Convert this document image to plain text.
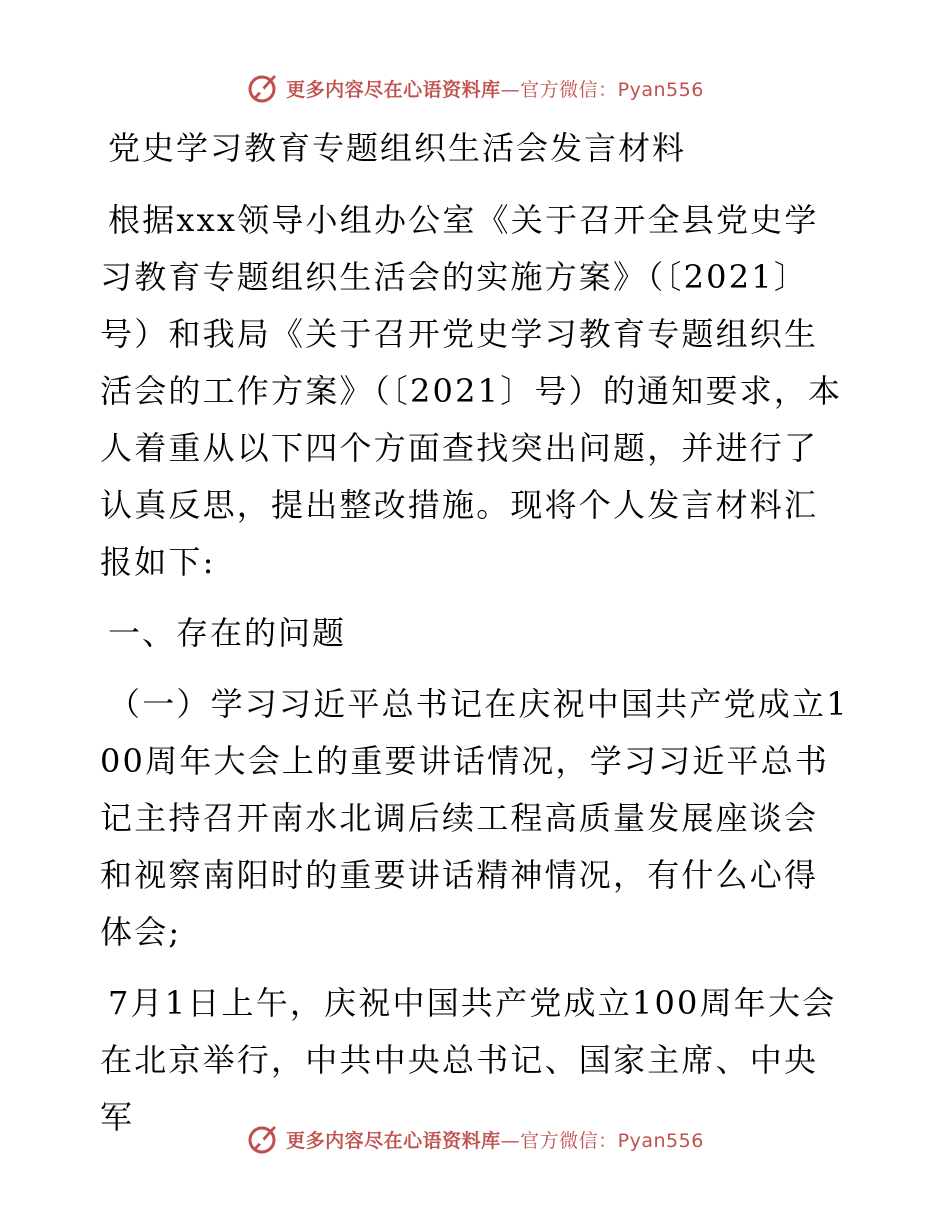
更多内容尽在心语资料库—官方微信：Pyan556
党史学习教育专题组织生活会发言材料
根据xxx领导小组办公室《关于召开全县党史学习教育专题组织生活会的实施方案》（〔2021〕号）和我局《关于召开党史学习教育专题组织生活会的工作方案》（〔2021〕号）的通知要求，本人着重从以下四个方面查找突出问题，并进行了认真反思，提出整改措施。现将个人发言材料汇报如下:
一、存在的问题
（一）学习习近平总书记在庆祝中国共产党成立100周年大会上的重要讲话情况，学习习近平总书记主持召开南水北调后续工程高质量发展座谈会和视察南阳时的重要讲话精神情况，有什么心得体会;
7月1日上午，庆祝中国共产党成立100周年大会在北京举行，中共中央总书记、国家主席、中央军
更多内容尽在心语资料库—官方微信：Pyan556
